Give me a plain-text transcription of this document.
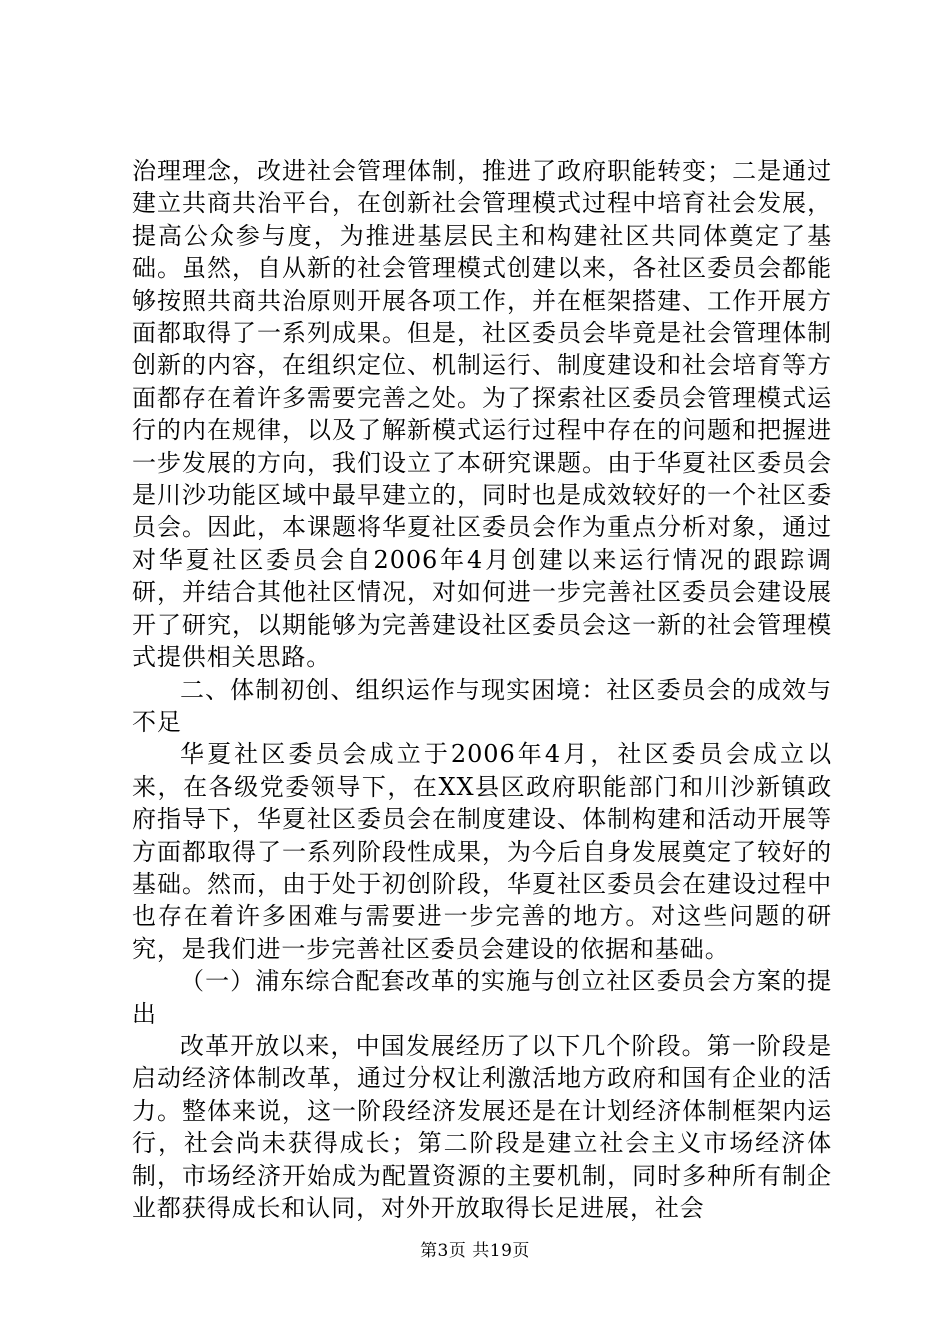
治理理念，改进社会管理体制，推进了政府职能转变；二是通过建立共商共治平台，在创新社会管理模式过程中培育社会发展，提高公众参与度，为推进基层民主和构建社区共同体奠定了基础。虽然，自从新的社会管理模式创建以来，各社区委员会都能够按照共商共治原则开展各项工作，并在框架搭建、工作开展方面都取得了一系列成果。但是，社区委员会毕竟是社会管理体制创新的内容，在组织定位、机制运行、制度建设和社会培育等方面都存在着许多需要完善之处。为了探索社区委员会管理模式运行的内在规律，以及了解新模式运行过程中存在的问题和把握进一步发展的方向，我们设立了本研究课题。由于华夏社区委员会是川沙功能区域中最早建立的，同时也是成效较好的一个社区委员会。因此，本课题将华夏社区委员会作为重点分析对象，通过对华夏社区委员会自2006年4月创建以来运行情况的跟踪调研，并结合其他社区情况，对如何进一步完善社区委员会建设展开了研究，以期能够为完善建设社区委员会这一新的社会管理模式提供相关思路。

二、体制初创、组织运作与现实困境：社区委员会的成效与不足

华夏社区委员会成立于2006年4月，社区委员会成立以来，在各级党委领导下，在XX县区政府职能部门和川沙新镇政府指导下，华夏社区委员会在制度建设、体制构建和活动开展等方面都取得了一系列阶段性成果，为今后自身发展奠定了较好的基础。然而，由于处于初创阶段，华夏社区委员会在建设过程中也存在着许多困难与需要进一步完善的地方。对这些问题的研究，是我们进一步完善社区委员会建设的依据和基础。

（一）浦东综合配套改革的实施与创立社区委员会方案的提出

改革开放以来，中国发展经历了以下几个阶段。第一阶段是启动经济体制改革，通过分权让利激活地方政府和国有企业的活力。整体来说，这一阶段经济发展还是在计划经济体制框架内运行，社会尚未获得成长；第二阶段是建立社会主义市场经济体制，市场经济开始成为配置资源的主要机制，同时多种所有制企业都获得成长和认同，对外开放取得长足进展，社会

第3页 共19页
